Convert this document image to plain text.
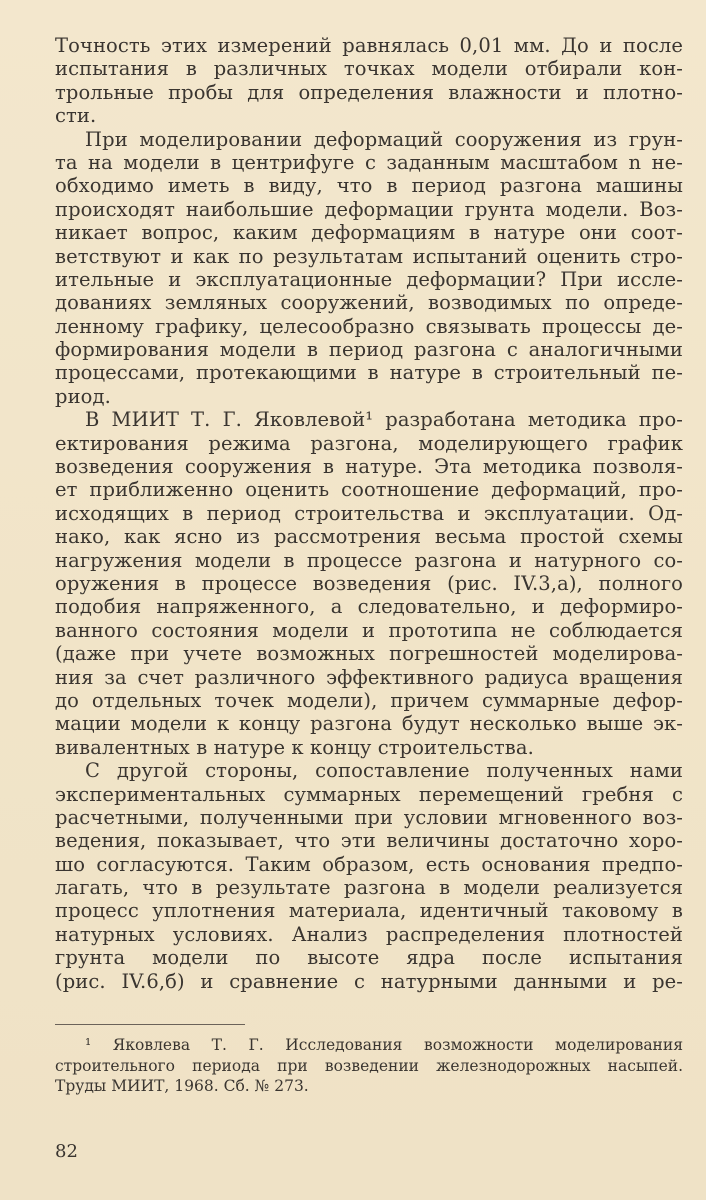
Точность этих измерений равнялась 0,01 мм. До и после
испытания в различных точках модели отбирали кон-
трольные пробы для определения влажности и плотно-
сти.
При моделировании деформаций сооружения из грун-
та на модели в центрифуге с заданным масштабом n не-
обходимо иметь в виду, что в период разгона машины
происходят наибольшие деформации грунта модели. Воз-
никает вопрос, каким деформациям в натуре они соот-
ветствуют и как по результатам испытаний оценить стро-
ительные и эксплуатационные деформации? При иссле-
дованиях земляных сооружений, возводимых по опреде-
ленному графику, целесообразно связывать процессы де-
формирования модели в период разгона с аналогичными
процессами, протекающими в натуре в строительный пе-
риод.
В МИИТ Т. Г. Яковлевой¹ разработана методика про-
ектирования режима разгона, моделирующего график
возведения сооружения в натуре. Эта методика позволя-
ет приближенно оценить соотношение деформаций, про-
исходящих в период строительства и эксплуатации. Од-
нако, как ясно из рассмотрения весьма простой схемы
нагружения модели в процессе разгона и натурного со-
оружения в процессе возведения (рис. IV.3,а), полного
подобия напряженного, а следовательно, и деформиро-
ванного состояния модели и прототипа не соблюдается
(даже при учете возможных погрешностей моделирова-
ния за счет различного эффективного радиуса вращения
до отдельных точек модели), причем суммарные дефор-
мации модели к концу разгона будут несколько выше эк-
вивалентных в натуре к концу строительства.
С другой стороны, сопоставление полученных нами
экспериментальных суммарных перемещений гребня с
расчетными, полученными при условии мгновенного воз-
ведения, показывает, что эти величины достаточно хоро-
шо согласуются. Таким образом, есть основания предпо-
лагать, что в результате разгона в модели реализуется
процесс уплотнения материала, идентичный таковому в
натурных условиях. Анализ распределения плотностей
грунта модели по высоте ядра после испытания
(рис. IV.6,б) и сравнение с натурными данными и ре-
¹ Яковлева Т. Г. Исследования возможности моделирования
строительного периода при возведении железнодорожных насыпей.
Труды МИИТ, 1968. Сб. № 273.
82
